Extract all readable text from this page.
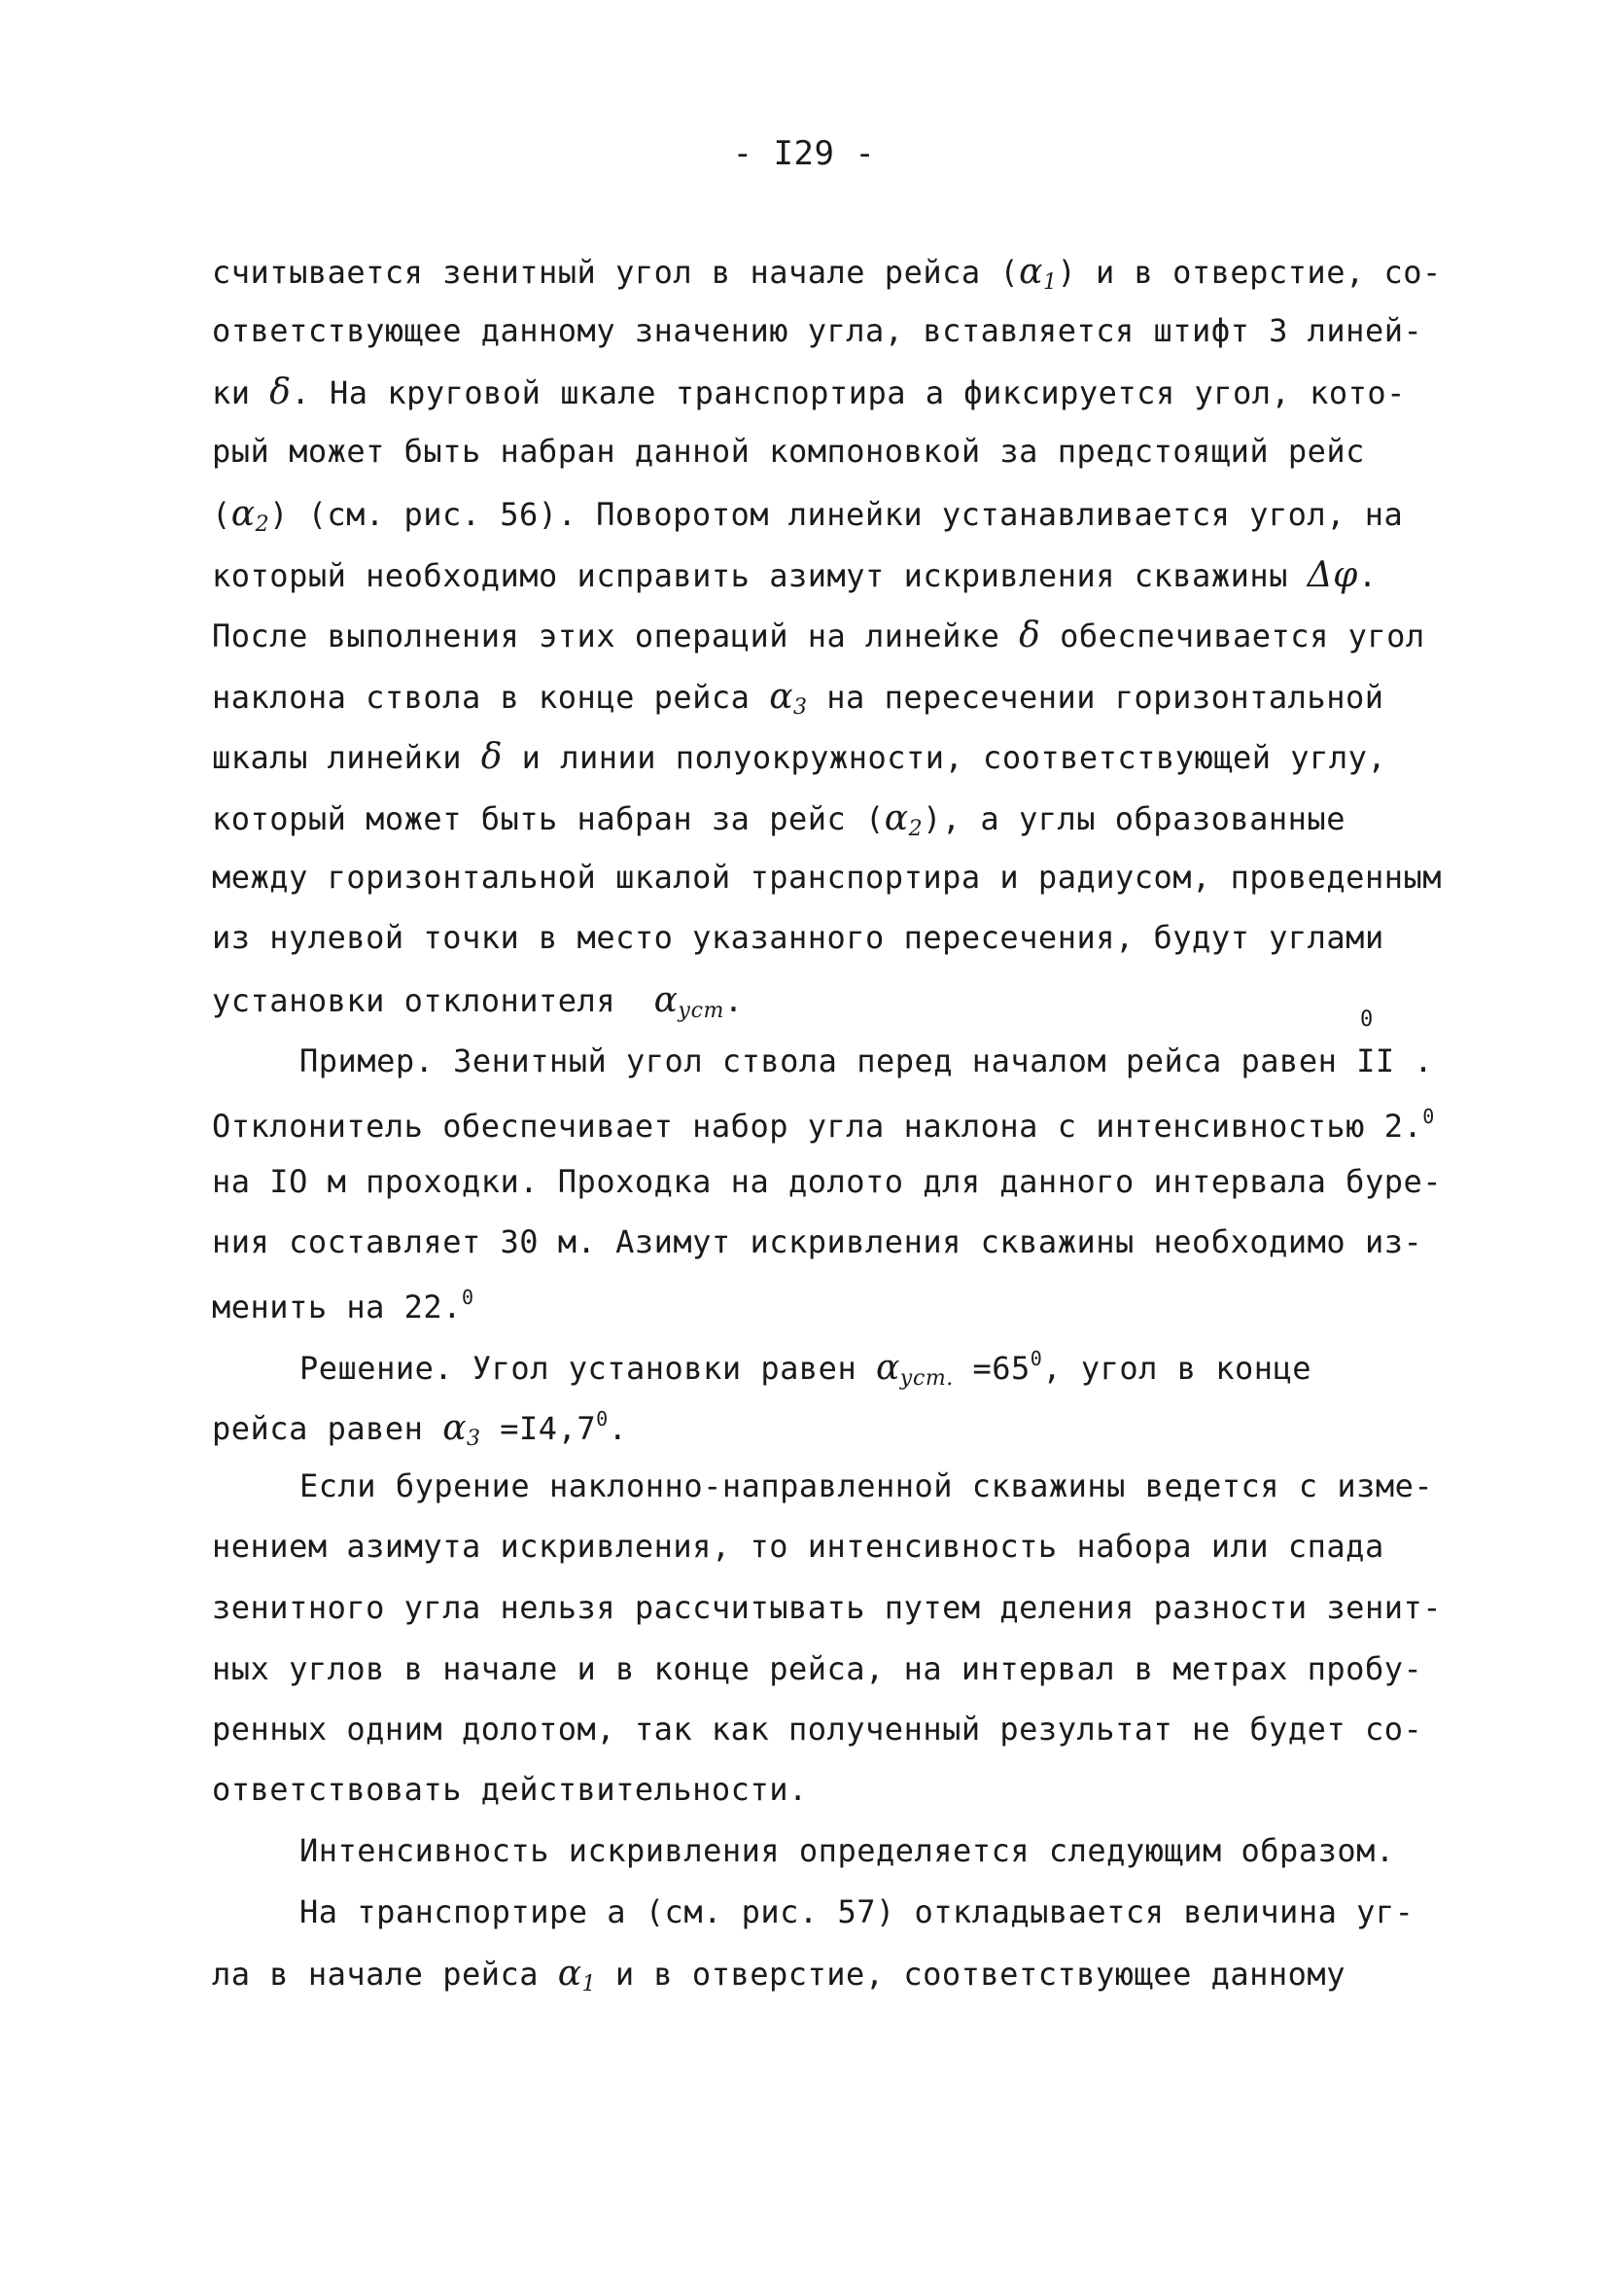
- I29 -
считывается зенитный угол в начале рейса $(\alpha_1)$ и в отверстие, со-
ответствующее данному значению угла, вставляется штифт 3 линей-
ки δ. На круговой шкале транспортира а фиксируется угол, кото-
рый может быть набран данной компоновкой за предстоящий рейс
$(\alpha_2)$ (см. рис. 56). Поворотом линейки устанавливается угол, на
который необходимо исправить азимут искривления скважины Δφ.
После выполнения этих операций на линейке δ обеспечивается угол
наклона ствола в конце рейса $\alpha_3$ на пересечении горизонтальной
шкалы линейки δ и линии полуокружности, соответствующей углу,
который может быть набран за рейс $(\alpha_2)$, а углы образованные
между горизонтальной шкалой транспортира и радиусом, проведенным
из нулевой точки в место указанного пересечения, будут углами
установки отклонителя  $\alpha_{уст}$.
Пример. Зенитный угол ствола перед началом рейса равен II .
Отклонитель обеспечивает набор угла наклона с интенсивностью 2.$^0$
на IO м проходки. Проходка на долото для данного интервала буре-
ния составляет 30 м. Азимут искривления скважины необходимо из-
менить на 22.$^0$
Решение. Угол установки равен $\alpha_{уст.} =65^0$, угол в конце
рейса равен $\alpha_3 =I4,7^0$.
Если бурение наклонно-направленной скважины ведется с изме-
нением азимута искривления, то интенсивность набора или спада
зенитного угла нельзя рассчитывать путем деления разности зенит-
ных углов в начале и в конце рейса, на интервал в метрах пробу-
ренных одним долотом, так как полученный результат не будет со-
ответствовать действительности.
Интенсивность искривления определяется следующим образом.
На транспортире а (см. рис. 57) откладывается величина уг-
ла в начале рейса $\alpha_1$ и в отверстие, соответствующее данному
0
